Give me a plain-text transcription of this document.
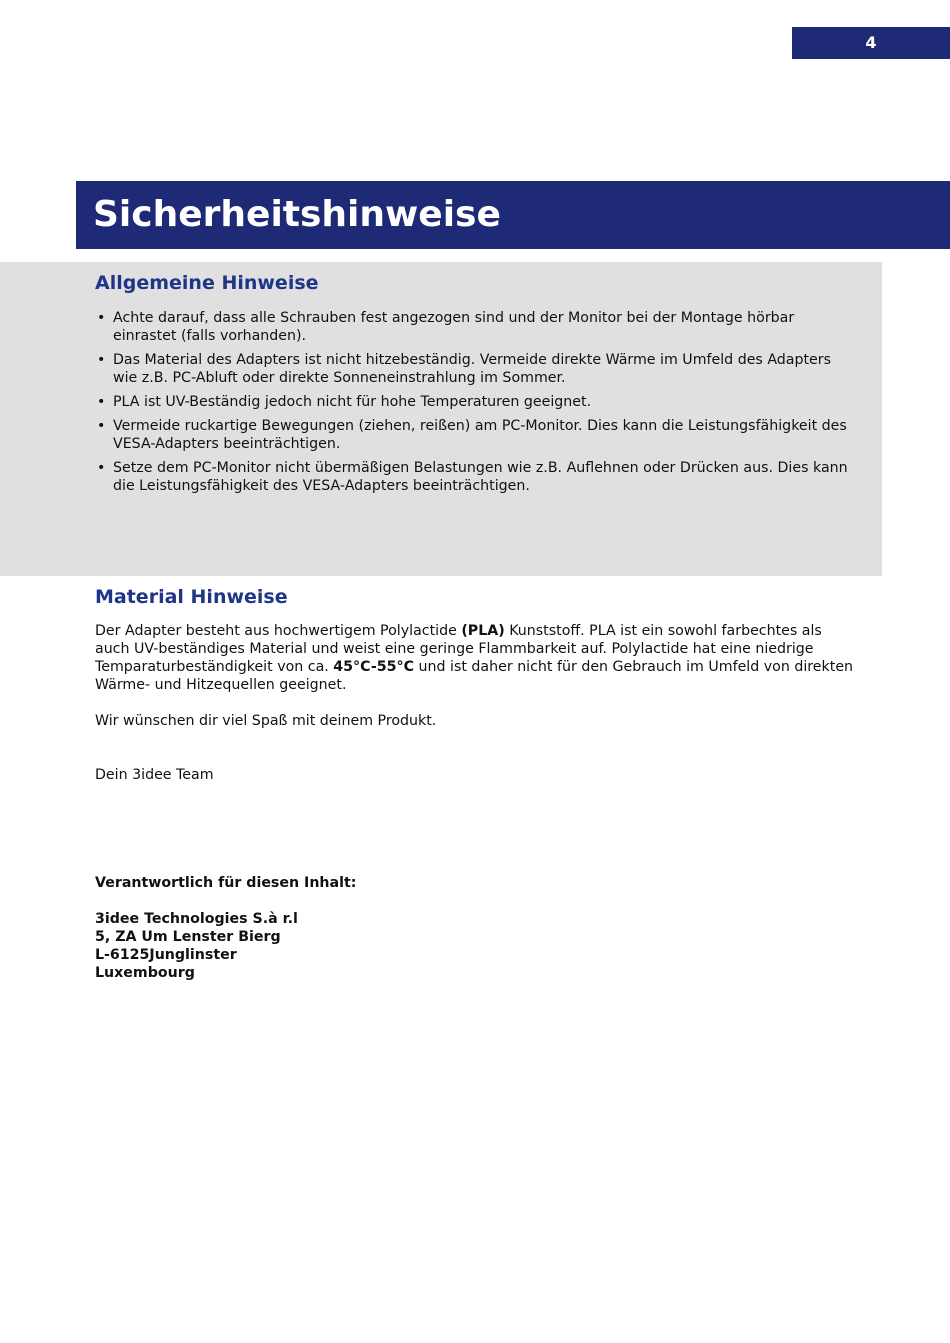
4
Sicherheitshinweise
Allgemeine Hinweise
• Achte darauf, dass alle Schrauben fest angezogen sind und der Monitor bei der Montage hörbar einrastet (falls vorhanden).
• Das Material des Adapters ist nicht hitzebeständig. Vermeide direkte Wärme im Umfeld des Adapters wie z.B. PC-Abluft oder direkte Sonneneinstrahlung im Sommer.
• PLA ist UV-Beständig jedoch nicht für hohe Temperaturen geeignet.
• Vermeide ruckartige Bewegungen (ziehen, reißen) am PC-Monitor. Dies kann die Leistungsfähigkeit des VESA-Adapters beeinträchtigen.
• Setze dem PC-Monitor nicht übermäßigen Belastungen wie z.B. Auflehnen oder Drücken aus. Dies kann die Leistungsfähigkeit des VESA-Adapters beeinträchtigen.
Material Hinweise

Der Adapter besteht aus hochwertigem Polylactide (PLA) Kunststoff. PLA ist ein sowohl farbechtes als auch UV-beständiges Material und weist eine geringe Flammbarkeit auf. Polylactide hat eine niedrige Temparaturbeständigkeit von ca. 45°C-55°C und ist daher nicht für den Gebrauch im Umfeld von direkten Wärme- und Hitzequellen geeignet.

Wir wünschen dir viel Spaß mit deinem Produkt.

Dein 3idee Team

Verantwortlich für diesen Inhalt:
3idee Technologies S.à r.l
5, ZA Um Lenster Bierg
L-6125Junglinster
Luxembourg
